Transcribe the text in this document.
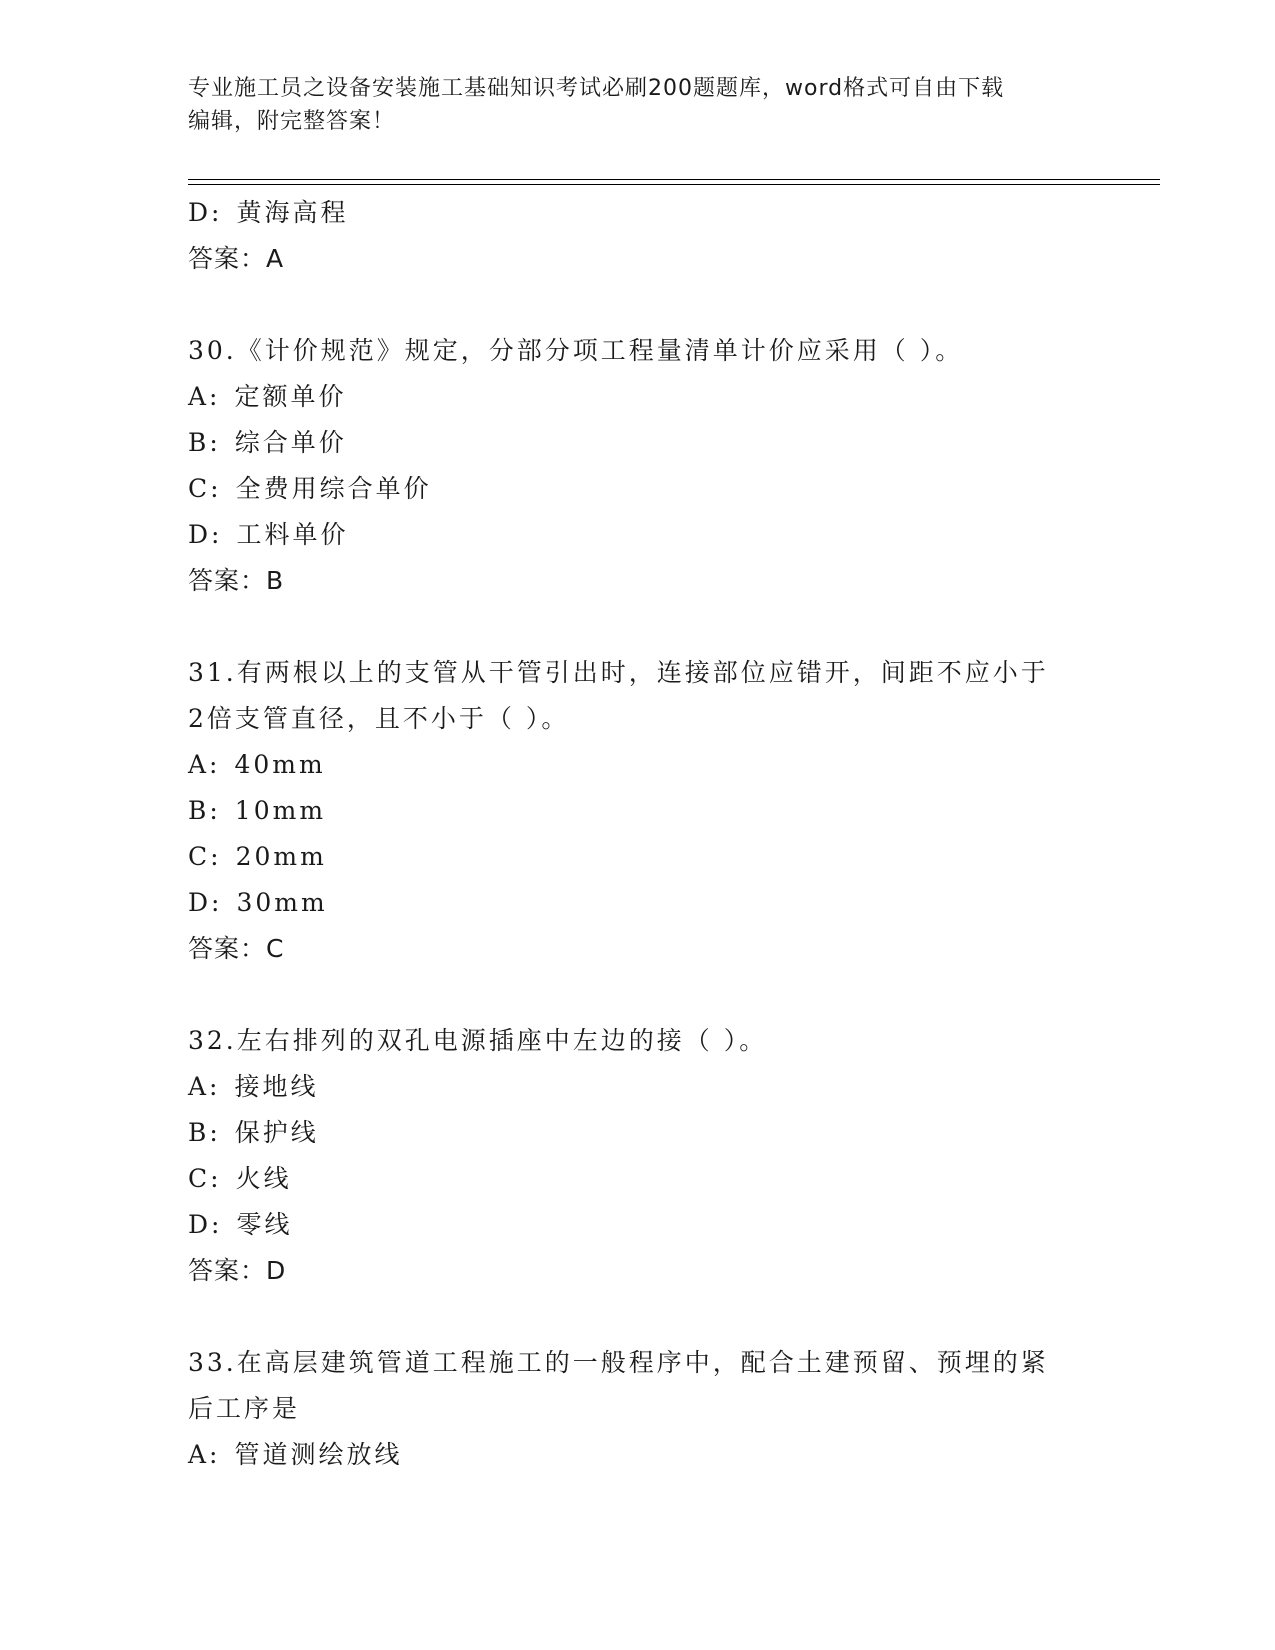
专业施工员之设备安装施工基础知识考试必刷200题题库，word格式可自由下载
编辑，附完整答案！
D: 黄海高程
答案：A
30.《计价规范》规定，分部分项工程量清单计价应采用（ ）。
A: 定额单价
B: 综合单价
C: 全费用综合单价
D: 工料单价
答案：B
31.有两根以上的支管从干管引出时，连接部位应错开，间距不应小于
2倍支管直径，且不小于（ ）。
A: 40mm
B: 10mm
C: 20mm
D: 30mm
答案：C
32.左右排列的双孔电源插座中左边的接（ ）。
A: 接地线
B: 保护线
C: 火线
D: 零线
答案：D
33.在高层建筑管道工程施工的一般程序中，配合土建预留、预埋的紧
后工序是
A: 管道测绘放线
